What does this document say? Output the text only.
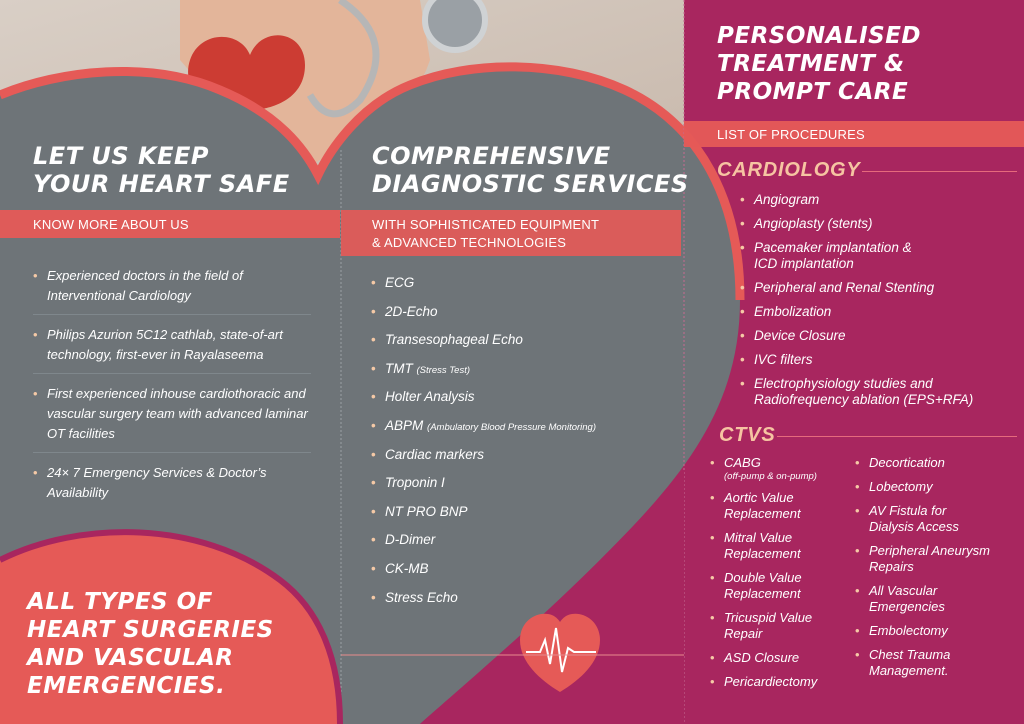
LET US KEEP
YOUR HEART SAFE
KNOW MORE ABOUT US
• Experienced doctors in the field of Interventional Cardiology
• Philips Azurion 5C12 cathlab, state-of-art technology, first-ever in Rayalaseema
• First experienced inhouse cardiothoracic and vascular surgery team with advanced laminar OT facilities
• 24× 7 Emergency Services & Doctor’s Availability
ALL TYPES OF
HEART SURGERIES
AND VASCULAR
EMERGENCIES.
COMPREHENSIVE
DIAGNOSTIC SERVICES
WITH SOPHISTICATED EQUIPMENT
& ADVANCED TECHNOLOGIES
• ECG
• 2D-Echo
• Transesophageal Echo
• TMT (Stress Test)
• Holter Analysis
• ABPM (Ambulatory Blood Pressure Monitoring)
• Cardiac markers
• Troponin I
• NT PRO BNP
• D-Dimer
• CK-MB
• Stress Echo
PERSONALISED
TREATMENT &
PROMPT CARE
LIST OF PROCEDURES
CARDIOLOGY
• Angiogram
• Angioplasty (stents)
• Pacemaker implantation & ICD implantation
• Peripheral and Renal Stenting
• Embolization
• Device Closure
• IVC filters
• Electrophysiology studies and Radiofrequency ablation (EPS+RFA)
CTVS
• CABG
(off-pump & on-pump)
• Aortic Value Replacement
• Mitral Value Replacement
• Double Value Replacement
• Tricuspid Value Repair
• ASD Closure
• Pericardiectomy
• Decortication
• Lobectomy
• AV Fistula for Dialysis Access
• Peripheral Aneurysm Repairs
• All Vascular Emergencies
• Embolectomy
• Chest Trauma Management.
